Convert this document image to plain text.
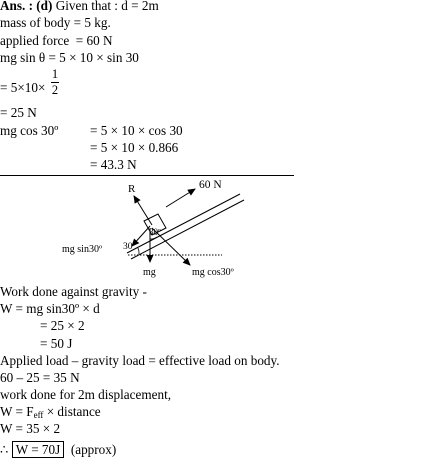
Ans. : (d) Given that : d = 2m
mass of body = 5 kg.
applied force  = 60 N
mg sin θ = 5 × 10 × sin 30
= 5×10×
1
2
= 25 N
mg cos 30º = 5 × 10 × cos 30
= 5 × 10 × 0.866
= 43.3 N
60 N
R
mg sin30º
mg	mg cos30º
30º
30º
Work done against gravity -
W = mg sin30º × d
= 25 × 2
= 50 J
Applied load – gravity load = effective load on body.
60 – 25 = 35 N
work done for 2m displacement,
$W = F_{eff}$ × distance
W = 35 × 2
∴ W = 70J  (approx)
